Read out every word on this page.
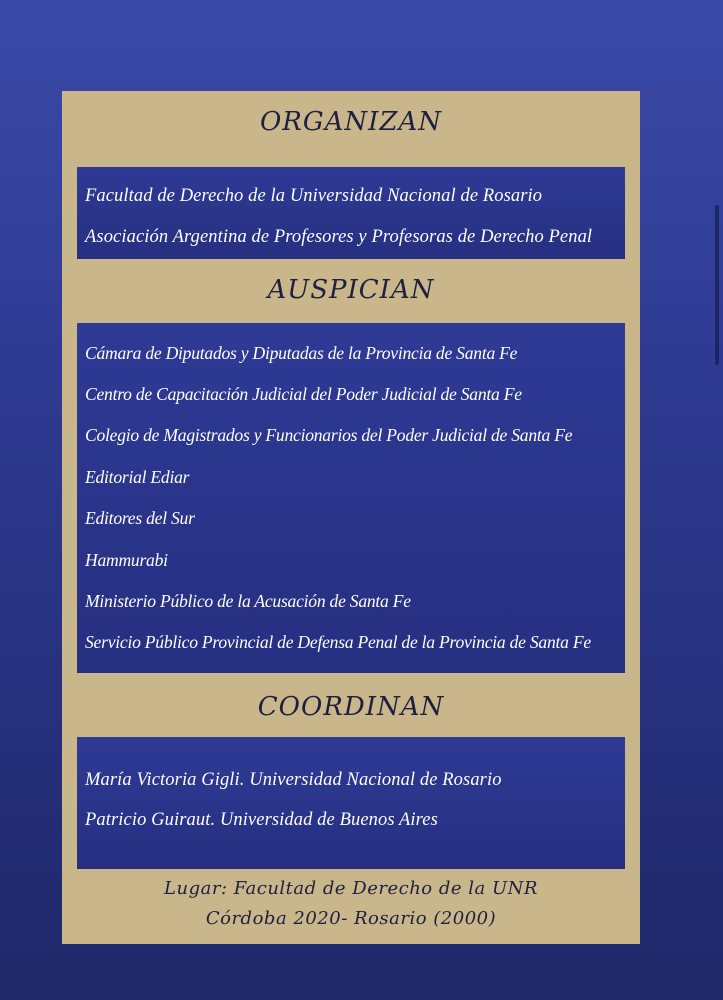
ORGANIZAN
Facultad de Derecho de la Universidad Nacional de Rosario
Asociación Argentina de Profesores y Profesoras de Derecho Penal
AUSPICIAN
Cámara de Diputados y Diputadas de la Provincia de Santa Fe
Centro de Capacitación Judicial del Poder Judicial de Santa Fe
Colegio de Magistrados y Funcionarios del Poder Judicial de Santa Fe
Editorial Ediar
Editores del Sur
Hammurabi
Ministerio Público de la Acusación de Santa Fe
Servicio Público Provincial de Defensa Penal de la Provincia de Santa Fe
COORDINAN
María Victoria Gigli. Universidad Nacional de Rosario
Patricio Guiraut. Universidad de Buenos Aires
Lugar: Facultad de Derecho de la UNR
Córdoba 2020- Rosario (2000)
